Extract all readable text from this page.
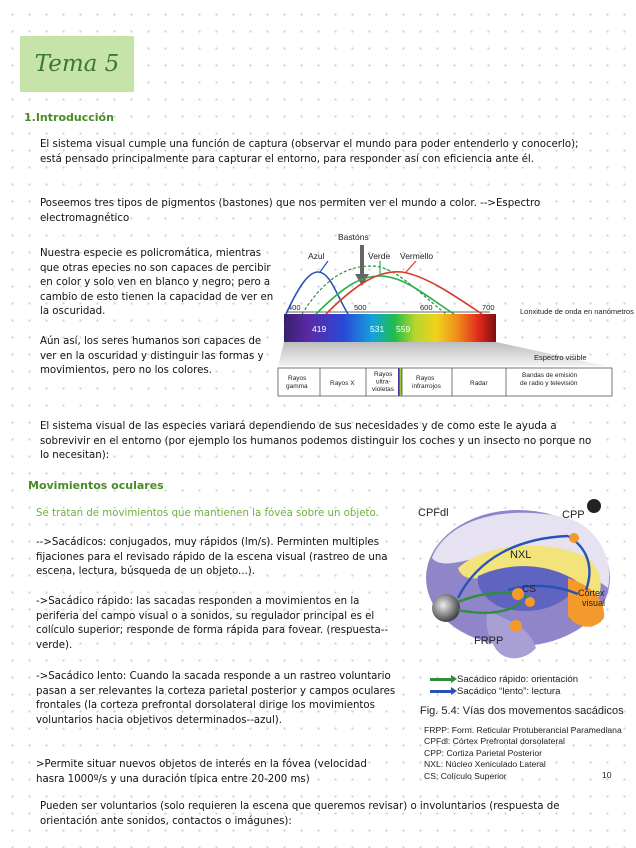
Tema 5
1.Introducción
El sistema visual cumple una función de captura (observar el mundo para poder entenderlo y conocerlo); está pensado principalmente para capturar el entorno, para responder así con eficiencia ante él.
Poseemos tres tipos de pigmentos (bastones) que nos permiten ver el mundo a color. -->Espectro electromagnético
Nuestra especie es policromática, mientras que otras epecies no son capaces de percibir en color y solo ven en blanco y negro; pero a cambio de esto tienen la capacidad de ver en la oscuridad.
Aún así, los seres humanos son capaces de ver en la oscuridad y distinguir las formas y movimientos, pero no los colores.
Bastóns
Azul	Verde Vermello
400	500	600	700
419	531 559
Lonxitude de onda en nanómetros
Espectro visible
Rayos gamma	Rayos X
Rayos ultra-violetas
Rayos infrarrojos	Radar
Bandas de emisión de radio y televisión
El sistema visual de las especies variará dependiendo de sus necesidades y de como este le ayuda a sobrevivir en el entorno (por ejemplo los humanos podemos distinguir los coches y un insecto no porque no lo necesitan):
Movimientos oculares
Se tratan de movimientos que mantienen la fóvea sobre un objeto.
-->Sacádicos: conjugados, muy rápidos (lm/s). Perminten multiples fijaciones para el revisado rápido de la escena visual (rastreo de una escena, lectura, búsqueda de un objeto...).
->Sacádico rápido: las sacadas responden a movimientos en la periferia del campo visual o a sonidos, su regulador principal es el colículo superior; responde de forma rápida para fovear. (respuesta--verde).
->Sacádico lento: Cuando la sacada responde a un rastreo voluntario pasan a ser relevantes la corteza parietal posterior y campos oculares frontales (la corteza prefrontal dorsolateral dirige los movimientos voluntarios hacia objetivos determinados--azul).
>Permite situar nuevos objetos de interés en la fóvea (velocidad hasra 1000º/s y una duración típica entre 20-200 ms)
Pueden ser voluntarios (solo requieren la escena que queremos revisar) o involuntarios (respuesta de orientación ante sonidos, contactos o imágunes):
CPFdl	CPP
NXL
CS	Córtex visual
FRPP
Sacádico rápido: orientación
Sacádico “lento”: lectura
Fig. 5.4: Vías dos movementos sacádicos
FRPP: Form. Reticular Protuberancial Paramediana
CPFdl: Córtex Prefrontal dorsolateral
CPP: Cortiza Parietal Posterior
NXL: Núcleo Xeniculado Lateral
CS: Colículo Superior	10
